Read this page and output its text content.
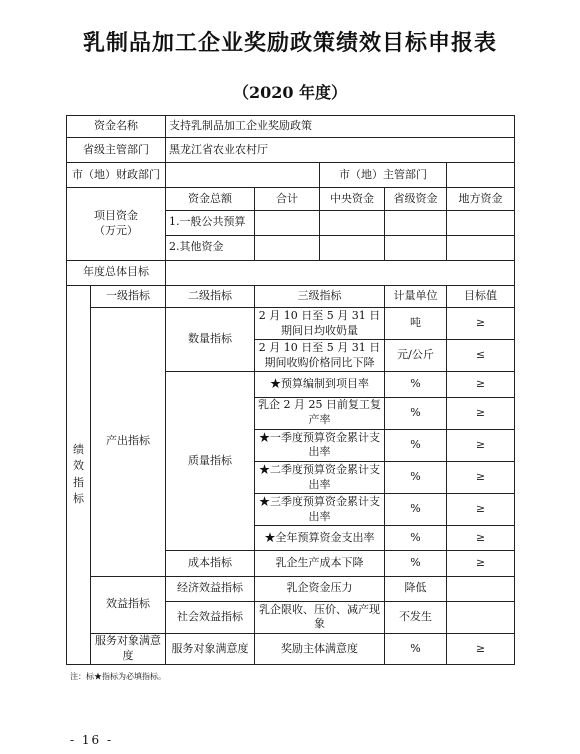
乳制品加工企业奖励政策绩效目标申报表
（2020 年度）
资金名称		支持乳制品加工企业奖励政策				
省级主管部门		黑龙江省农业农村厅				
市（地）财政部门				市（地）主管部门		
项目资金
（万元）		资金总额	合计	中央资金	省级资金	地方资金
		1.一般公共预算				
		2.其他资金				
年度总体目标						
绩
效
指
标	一级指标	二级指标	三级指标		计量单位	目标值
	产出指标	数量指标	2 月 10 日至 5 月 31 日期间日均收奶量		吨	≥
			2 月 10 日至 5 月 31 日期间收购价格同比下降		元/公斤	≤
		质量指标	★预算编制到项目率		%	≥
			乳企 2 月 25 日前复工复产率		%	≥
			★一季度预算资金累计支出率		%	≥
			★二季度预算资金累计支出率		%	≥
			★三季度预算资金累计支出率		%	≥
			★全年预算资金支出率		%	≥
		成本指标	乳企生产成本下降		%	≥
	效益指标	经济效益指标	乳企资金压力		降低	
		社会效益指标	乳企限收、压价、减产现象		不发生	
	服务对象满意度	服务对象满意度	奖励主体满意度		%	≥
注：标★指标为必填指标。
- 16 -
